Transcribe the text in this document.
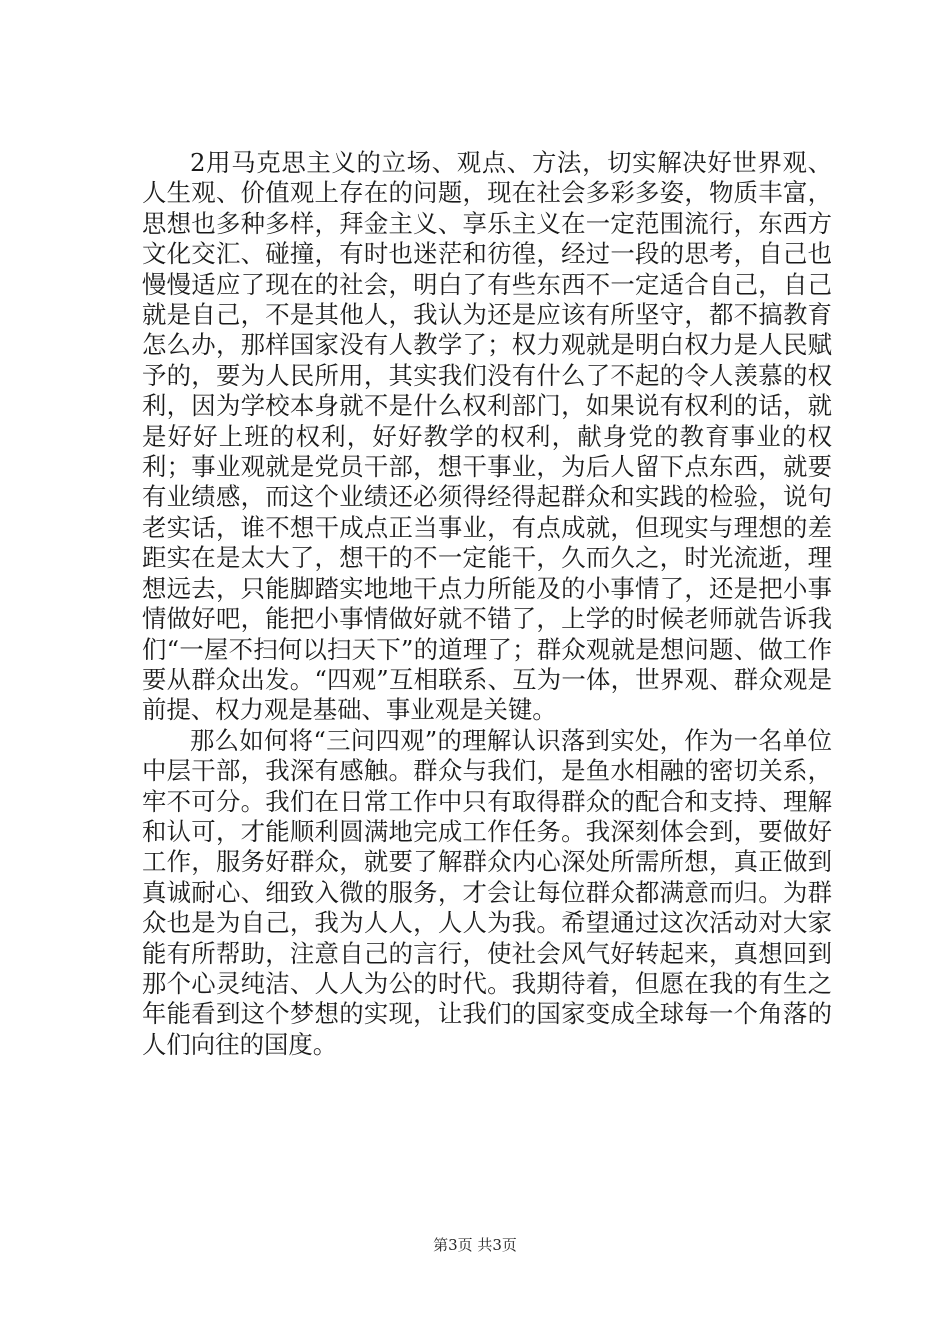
2用马克思主义的立场、观点、方法，切实解决好世界观、人生观、价值观上存在的问题，现在社会多彩多姿，物质丰富，思想也多种多样，拜金主义、享乐主义在一定范围流行，东西方文化交汇、碰撞，有时也迷茫和彷徨，经过一段的思考，自己也慢慢适应了现在的社会，明白了有些东西不一定适合自己，自己就是自己，不是其他人，我认为还是应该有所坚守，都不搞教育怎么办，那样国家没有人教学了；权力观就是明白权力是人民赋予的，要为人民所用，其实我们没有什么了不起的令人羡慕的权利，因为学校本身就不是什么权利部门，如果说有权利的话，就是好好上班的权利，好好教学的权利，献身党的教育事业的权利；事业观就是党员干部，想干事业，为后人留下点东西，就要有业绩感，而这个业绩还必须得经得起群众和实践的检验，说句老实话，谁不想干成点正当事业，有点成就，但现实与理想的差距实在是太大了，想干的不一定能干，久而久之，时光流逝，理想远去，只能脚踏实地地干点力所能及的小事情了，还是把小事情做好吧，能把小事情做好就不错了，上学的时候老师就告诉我们“一屋不扫何以扫天下”的道理了；群众观就是想问题、做工作要从群众出发。“四观”互相联系、互为一体，世界观、群众观是前提、权力观是基础、事业观是关键。

那么如何将“三问四观”的理解认识落到实处，作为一名单位中层干部，我深有感触。群众与我们，是鱼水相融的密切关系，牢不可分。我们在日常工作中只有取得群众的配合和支持、理解和认可，才能顺利圆满地完成工作任务。我深刻体会到，要做好工作，服务好群众，就要了解群众内心深处所需所想，真正做到真诚耐心、细致入微的服务，才会让每位群众都满意而归。为群众也是为自己，我为人人，人人为我。希望通过这次活动对大家能有所帮助，注意自己的言行，使社会风气好转起来，真想回到那个心灵纯洁、人人为公的时代。我期待着，但愿在我的有生之年能看到这个梦想的实现，让我们的国家变成全球每一个角落的人们向往的国度。

第3页 共3页
